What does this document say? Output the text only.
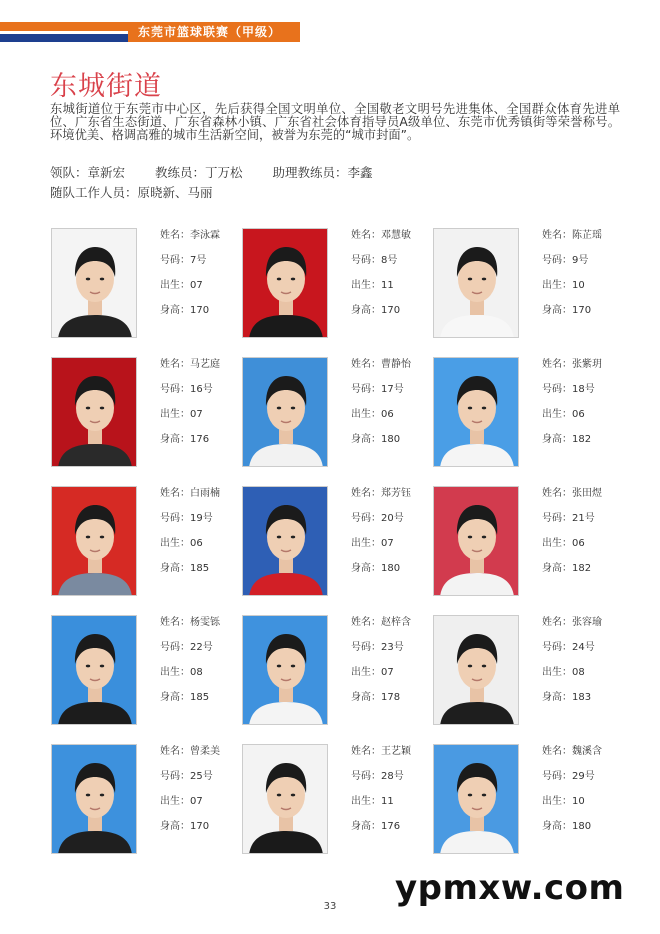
东莞市篮球联赛（甲级）
东城街道
东城街道位于东莞市中心区，先后获得全国文明单位、全国敬老文明号先进集体、全国群众体育先进单位、广东省生态街道、广东省森林小镇、广东省社会体育指导员A级单位、东莞市优秀镇街等荣誉称号。环境优美、格调高雅的城市生活新空间，被誉为东莞的“城市封面”。
领队：章新宏 教练员：丁万松 助理教练员：李鑫
随队工作人员：原晓新、马丽
姓名：李泳霖
号码：7号
出生：07
身高：170
姓名：邓慧敏
号码：8号
出生：11
身高：170
姓名：陈芷瑶
号码：9号
出生：10
身高：170
姓名：马艺庭
号码：16号
出生：07
身高：176
姓名：曹静怡
号码：17号
出生：06
身高：180
姓名：张紫玥
号码：18号
出生：06
身高：182
姓名：白雨楠
号码：19号
出生：06
身高：185
姓名：郑芳钰
号码：20号
出生：07
身高：180
姓名：张田煜
号码：21号
出生：06
身高：182
姓名：杨雯铄
号码：22号
出生：08
身高：185
姓名：赵梓含
号码：23号
出生：07
身高：178
姓名：张容瑜
号码：24号
出生：08
身高：183
姓名：曾柔美
号码：25号
出生：07
身高：170
姓名：王艺颖
号码：28号
出生：11
身高：176
姓名：魏溪含
号码：29号
出生：10
身高：180
33	ypmxw.com
